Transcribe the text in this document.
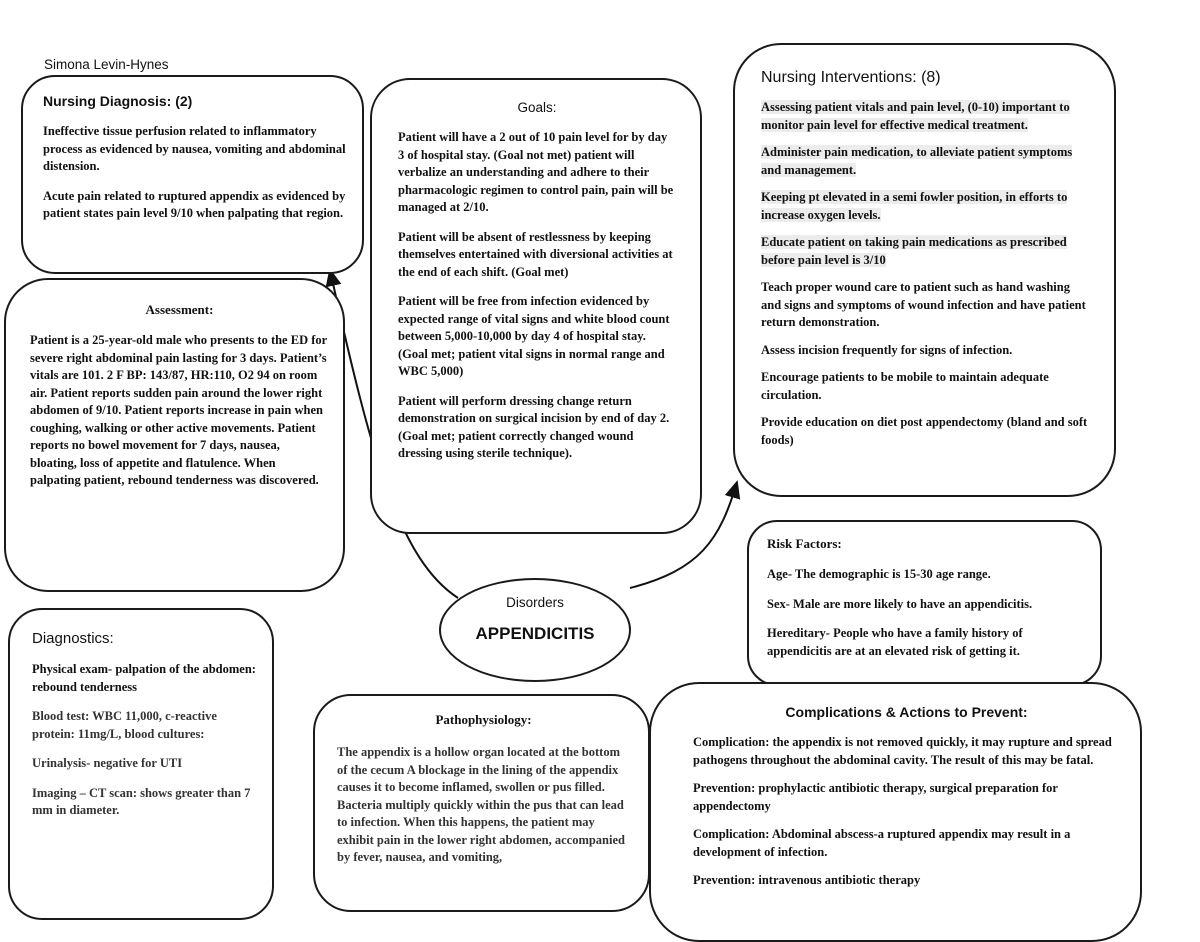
Simona Levin-Hynes
Nursing Diagnosis: (2)

Ineffective tissue perfusion related to inflammatory process as evidenced by nausea, vomiting and abdominal distension.

Acute pain related to ruptured appendix as evidenced by patient states pain level 9/10 when palpating that region.

Goals:

Patient will have a 2 out of 10 pain level for by day 3 of hospital stay. (Goal not met) patient will verbalize an understanding and adhere to their pharmacologic regimen to control pain, pain will be managed at 2/10.

Patient will be absent of restlessness by keeping themselves entertained with diversional activities at the end of each shift. (Goal met)

Patient will be free from infection evidenced by expected range of vital signs and white blood count between 5,000-10,000 by day 4 of hospital stay. (Goal met; patient vital signs in normal range and WBC 5,000)

Patient will perform dressing change return demonstration on surgical incision by end of day 2. (Goal met; patient correctly changed wound dressing using sterile technique).

Nursing Interventions: (8)

Assessing patient vitals and pain level, (0-10) important to monitor pain level for effective medical treatment.

Administer pain medication, to alleviate patient symptoms and management.

Keeping pt elevated in a semi fowler position, in efforts to increase oxygen levels.

Educate patient on taking pain medications as prescribed before pain level is 3/10

Teach proper wound care to patient such as hand washing and signs and symptoms of wound infection and have patient return demonstration.

Assess incision frequently for signs of infection.

Encourage patients to be mobile to maintain adequate circulation.

Provide education on diet post appendectomy (bland and soft foods)

Assessment:

Patient is a 25-year-old male who presents to the ED for severe right abdominal pain lasting for 3 days. Patient’s vitals are 101. 2 F BP: 143/87, HR:110, O2 94 on room air. Patient reports sudden pain around the lower right abdomen of 9/10. Patient reports increase in pain when coughing, walking or other active movements. Patient reports no bowel movement for 7 days, nausea, bloating, loss of appetite and flatulence. When palpating patient, rebound tenderness was discovered.

Disorders
APPENDICITIS
Risk Factors:

Age- The demographic is 15-30 age range.

Sex- Male are more likely to have an appendicitis.

Hereditary- People who have a family history of appendicitis are at an elevated risk of getting it.

Diagnostics:

Physical exam- palpation of the abdomen: rebound tenderness

Blood test: WBC 11,000, c-reactive protein: 11mg/L, blood cultures:

Urinalysis- negative for UTI

Imaging – CT scan: shows greater than 7 mm in diameter.

Pathophysiology:

The appendix is a hollow organ located at the bottom of the cecum A blockage in the lining of the appendix causes it to become inflamed, swollen or pus filled. Bacteria multiply quickly within the pus that can lead to infection. When this happens, the patient may exhibit pain in the lower right abdomen, accompanied by fever, nausea, and vomiting,

Complications & Actions to Prevent:

Complication: the appendix is not removed quickly, it may rupture and spread pathogens throughout the abdominal cavity. The result of this may be fatal.

Prevention: prophylactic antibiotic therapy, surgical preparation for appendectomy

Complication: Abdominal abscess-a ruptured appendix may result in a development of infection.

Prevention: intravenous antibiotic therapy
